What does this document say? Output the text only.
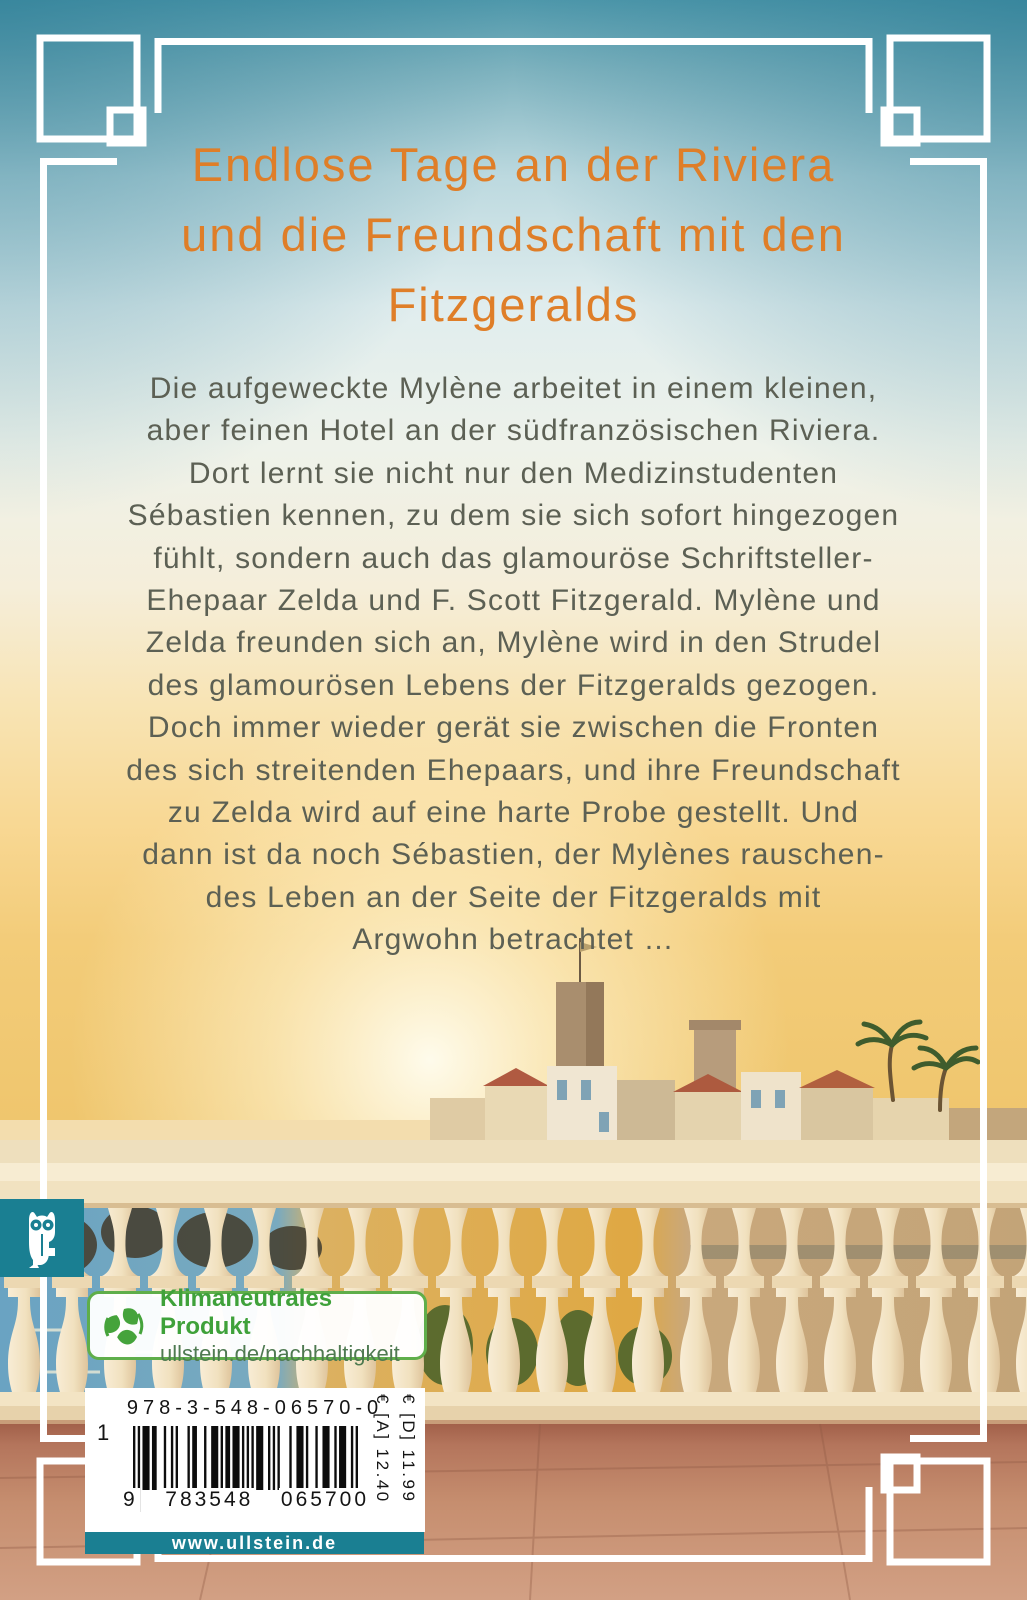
Endlose Tage an der Riviera
und die Freundschaft mit den
Fitzgeralds
Die aufgeweckte Mylène arbeitet in einem kleinen,
aber feinen Hotel an der südfranzösischen Riviera.
Dort lernt sie nicht nur den Medizinstudenten
Sébastien kennen, zu dem sie sich sofort hingezogen
fühlt, sondern auch das glamouröse Schriftsteller-
Ehepaar Zelda und F. Scott Fitzgerald. Mylène und
Zelda freunden sich an, Mylène wird in den Strudel
des glamourösen Lebens der Fitzgeralds gezogen.
Doch immer wieder gerät sie zwischen die Fronten
des sich streitenden Ehepaars, und ihre Freundschaft
zu Zelda wird auf eine harte Probe gestellt. Und
dann ist da noch Sébastien, der Mylènes rauschen-
des Leben an der Seite der Fitzgeralds mit
Argwohn betrachtet …
Klimaneutrales Produkt
ullstein.de/nachhaltigkeit
978-3-548-06570-0
1
9 783548 065700 € [D] 11.99
€ [A] 12.40
www.ullstein.de
